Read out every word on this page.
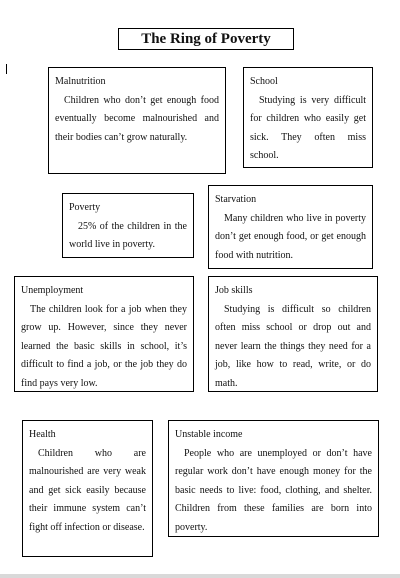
The Ring of Poverty
Malnutrition
Children who don’t get enough food eventually become malnourished and their bodies can’t grow naturally.
School
Studying is very difficult for children who easily get sick. They often miss school.
Poverty
25% of the children in the world live in poverty.
Starvation
Many children who live in poverty don’t get enough food, or get enough food with nutrition.
Unemployment
The children look for a job when they grow up. However, since they never learned the basic skills in school, it’s difficult to find a job, or the job they do find pays very low.
Job skills
Studying is difficult so children often miss school or drop out and never learn the things they need for a job, like how to read, write, or do math.
Health
Children who are malnourished are very weak and get sick easily because their immune system can’t fight off infection or disease.
Unstable income
People who are unemployed or don’t have regular work don’t have enough money for the basic needs to live: food, clothing, and shelter. Children from these families are born into poverty.
